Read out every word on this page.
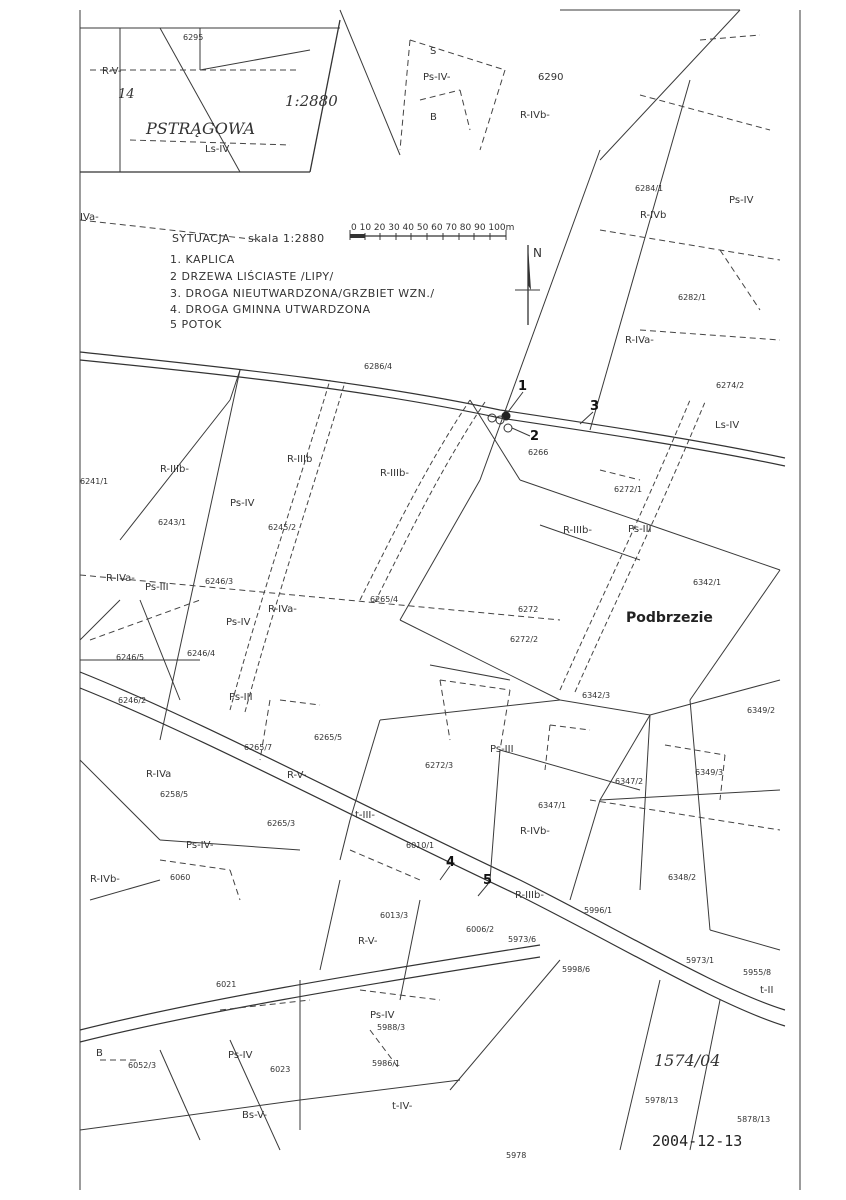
N
SYTUACJA skala 1:2880
0 10 20 30 40 50 60 70 80 90 100m
1. KAPLICA
2 DRZEWA LIŚCIASTE /LIPY/
3. DROGA NIEUTWARDZONA/GRZBIET WZN./
4. DROGA GMINNA UTWARDZONA
5 POTOK
1:2880
PSTRĄGOWA
14
Podbrzezie
1
2
3
4
5
6295
6290
6284/1
6282/1
6286/4
6274/2
6266
6272/1
6241/1
6243/1
6245/2
6246/3
6265/4
6342/1
6272
6272/2
6246/5	6246/4
6246/2
6265/5
6265/7
6342/3
6349/2
6349/3
6347/2
6272/3
6258/5
6265/3
6010/1
6347/1
6348/2
6060
6013/3
6006/2
5996/1
5973/6
5973/1
5955/8
5998/6
6021
5988/3
6023
6052/3	5986/1
5978/13
5978
5878/13
R-V-
R-IVb-
S
Ps-IV-
B
Ls-IV
IVa-
Ps-IV
R-IVb
R-IVa-
Ls-IV
R-IIIb-
R-IIIb
Ps-IV
R-IIIb-
Ps-III
R-IVa-
Ps-IV
R-IIIb-
Ps-III
R-IVa-
Ps-III
R-V-
t-III-
Ps-IV-
R-IVb-
Ps-III
R-IIIb-
R-V-
t-II
Ps-IV
B
Bs-V-
t-IV-
R-IVb-
Ps-IV
R-IVa
1574/04
2004-12-13
